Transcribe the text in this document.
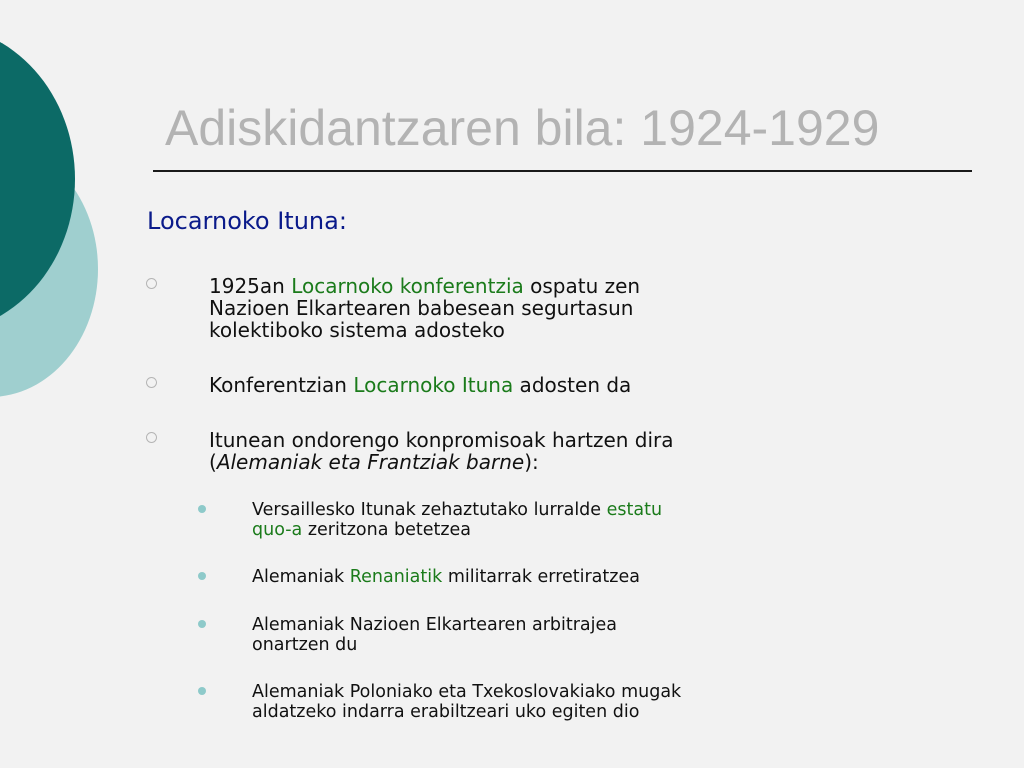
Adiskidantzaren bila: 1924-1929
Locarnoko Ituna:
1925an Locarnoko konferentzia ospatu zen
Nazioen Elkartearen babesean segurtasun
kolektiboko sistema adosteko
Konferentzian Locarnoko Ituna adosten da
Itunean ondorengo konpromisoak hartzen dira
(Alemaniak eta Frantziak barne):
Versaillesko Itunak zehaztutako lurralde estatu
quo-a zeritzona betetzea
Alemaniak Renaniatik militarrak erretiratzea
Alemaniak Nazioen Elkartearen arbitrajea
onartzen du
Alemaniak Poloniako eta Txekoslovakiako mugak
aldatzeko indarra erabiltzeari uko egiten dio
